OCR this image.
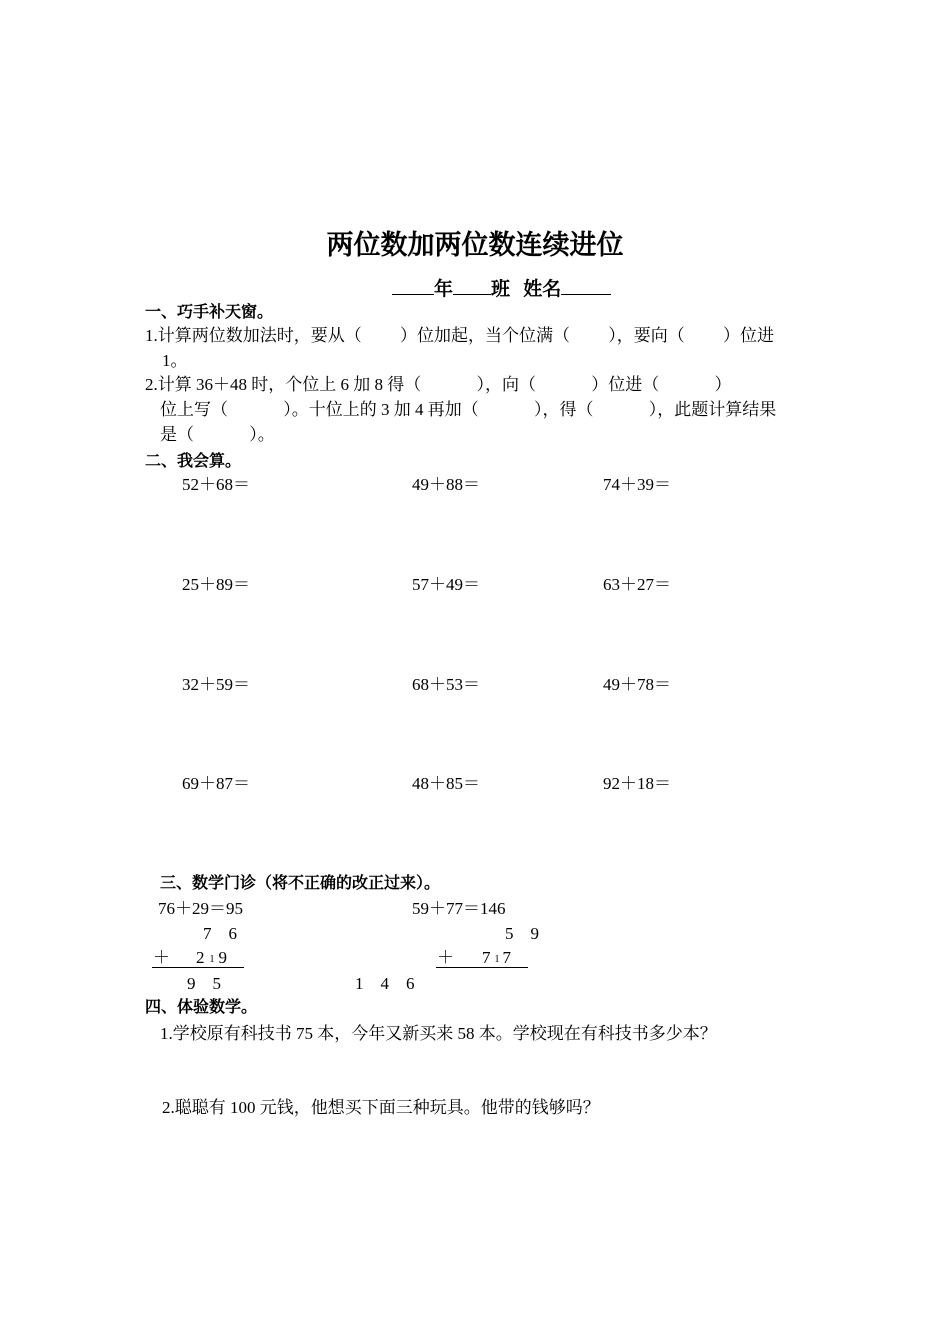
两位数加两位数连续进位
年 班 姓名
一、巧手补天窗。
1.计算两位数加法时，要从（　　 ）位加起，当个位满（　　 ），要向（　　 ）位进
1。
2.计算 36＋48 时，个位上 6 加 8 得（　　　 ），向（　　　 ）位进（　　　 ）
位上写（　　　 ）。十位上的 3 加 4 再加（　　　 ），得（　　　 ），此题计算结果
是（　　　 ）。
二、我会算。
52＋68＝	49＋88＝	74＋39＝
25＋89＝	57＋49＝	63＋27＝
32＋59＝	68＋53＝	49＋78＝
69＋87＝	48＋85＝	92＋18＝
三、数学门诊（将不正确的改正过来）。
76＋29＝95	59＋77＝146
7　6	5　9
＋ 2 1 9	＋ 7 1 7
9　5	1　4　6
四、体验数学。
1.学校原有科技书 75 本，今年又新买来 58 本。学校现在有科技书多少本？
2.聪聪有 100 元钱，他想买下面三种玩具。他带的钱够吗？
